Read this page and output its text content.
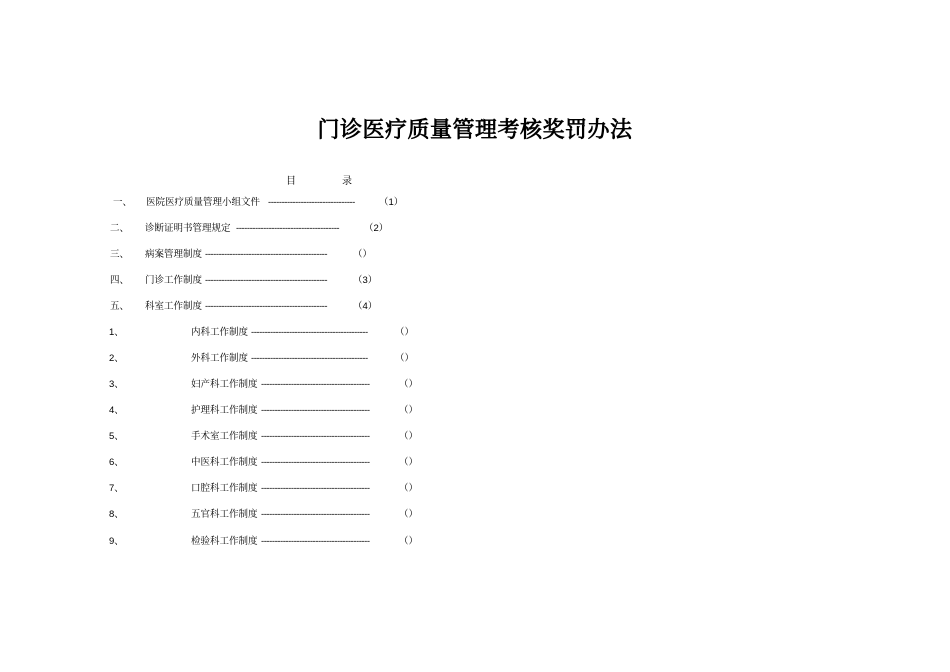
门诊医疗质量管理考核奖罚办法
目	录
一、 医院医疗质量管理小组文件 --------------------------------	（1）
二、 诊断证明书管理规定 --------------------------------------	（2）
三、 病案管理制度 ---------------------------------------------	（）
四、 门诊工作制度 ---------------------------------------------	（3）
五、 科室工作制度 ---------------------------------------------	（4）
1、	内科工作制度 -------------------------------------------	（）
2、	外科工作制度 -------------------------------------------	（）
3、	妇产科工作制度 ----------------------------------------	（）
4、	护理科工作制度 ----------------------------------------	（）
5、	手术室工作制度 ----------------------------------------	（）
6、	中医科工作制度 ----------------------------------------	（）
7、	口腔科工作制度 ----------------------------------------	（）
8、	五官科工作制度 ----------------------------------------	（）
9、	检验科工作制度 ----------------------------------------	（）
